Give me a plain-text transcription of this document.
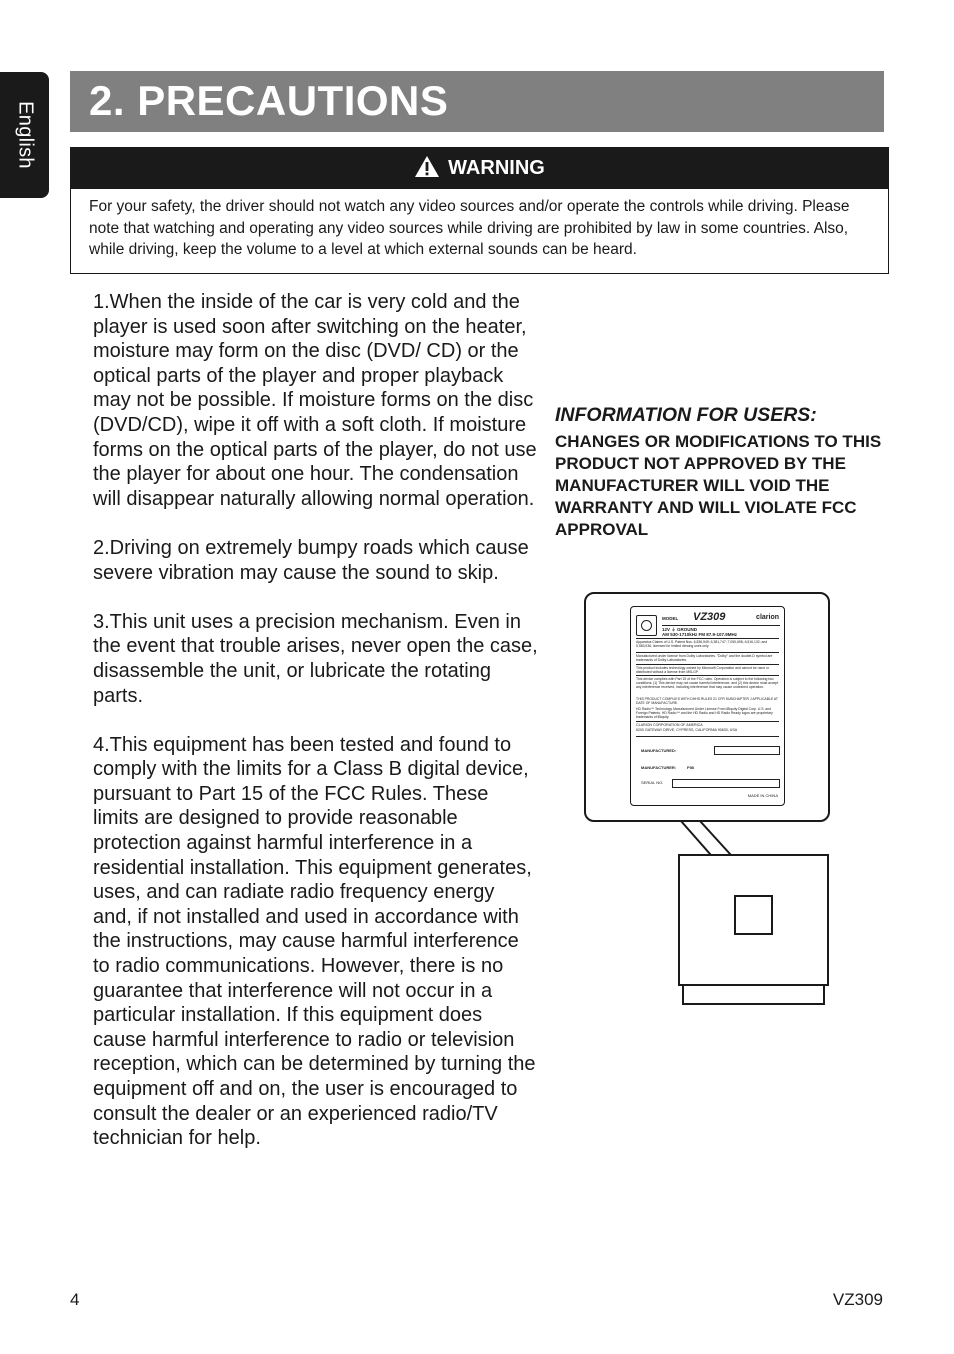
English
2. PRECAUTIONS
WARNING
For your safety, the driver should not watch any video sources and/or operate the controls while driving. Please note that watching and operating any video sources while driving are prohibited by law in some countries. Also, while driving, keep the volume to a level at which external sounds can be heard.

1.When the inside of the car is very cold and the player is used soon after switching on the heater, moisture may form on the disc (DVD/ CD) or the optical parts of the player and proper playback may not be possible. If moisture forms on the disc (DVD/CD), wipe it off with a soft cloth. If moisture forms on the optical parts of the player, do not use the player for about one hour. The condensation will disappear naturally allowing normal operation.

2.Driving on extremely bumpy roads which cause severe vibration may cause the sound to skip.

3.This unit uses a precision mechanism. Even in the event that trouble arises, never open the case, disassemble the unit, or lubricate the rotating parts.

4.This equipment has been tested and found to comply with the limits for a Class B digital device, pursuant to Part 15 of the FCC Rules. These limits are designed to provide reasonable protection against harmful interference in a residential installation. This equipment generates, uses, and can radiate radio frequency energy and, if not installed and used in accordance with the instructions, may cause harmful interference to radio communications. However, there is no guarantee that interference will not occur in a particular installation. If this equipment does cause harmful interference to radio or television reception, which can be determined by turning the equipment off and on, the user is encouraged to consult the dealer or an experienced radio/TV technician for help.

INFORMATION FOR USERS:
CHANGES OR MODIFICATIONS TO THIS PRODUCT NOT APPROVED BY THE MANUFACTURER WILL VOID THE WARRANTY AND WILL VIOLATE FCC APPROVAL
MODEL VZ309	clarion
12V ⏚ GROUND
AM 530-1710kHz FM 87.9-107.9MHz
Apparatus Claims of U.S. Patent Nos. 6,836,549; 6,381,747; 7,050,698; 6,516,132; and 5,583,936, licensed for limited viewing uses only.
Manufactured under license from Dolby Laboratories. "Dolby" and the double-D symbol are trademarks of Dolby Laboratories.
This product includes technology owned by Microsoft Corporation and cannot be used or distributed without a license from MSLGP.
This device complies with Part 15 of the FCC rules. Operation is subject to the following two conditions: (1) This device may not cause harmful interference, and (2) this device must accept any interference received, including interference that may cause undesired operation.
THIS PRODUCT COMPLIES WITH DHHS RULES 21 CFR SUBCHAPTER J APPLICABLE AT DATE OF MANUFACTURE.
HD Radio™ Technology Manufactured Under License From iBiquity Digital Corp. U.S. and Foreign Patents. HD Radio™ and the HD Radio and HD Radio Ready logos are proprietary trademarks of iBiquity.
CLARION CORPORATION OF AMERICA
6200 GATEWAY DRIVE, CYPRESS, CALIFORNIA 90630, USA
MANUFACTURED:
MANUFACTURER:	F98
SERIAL NO.
MADE IN CHINA
4	VZ309
